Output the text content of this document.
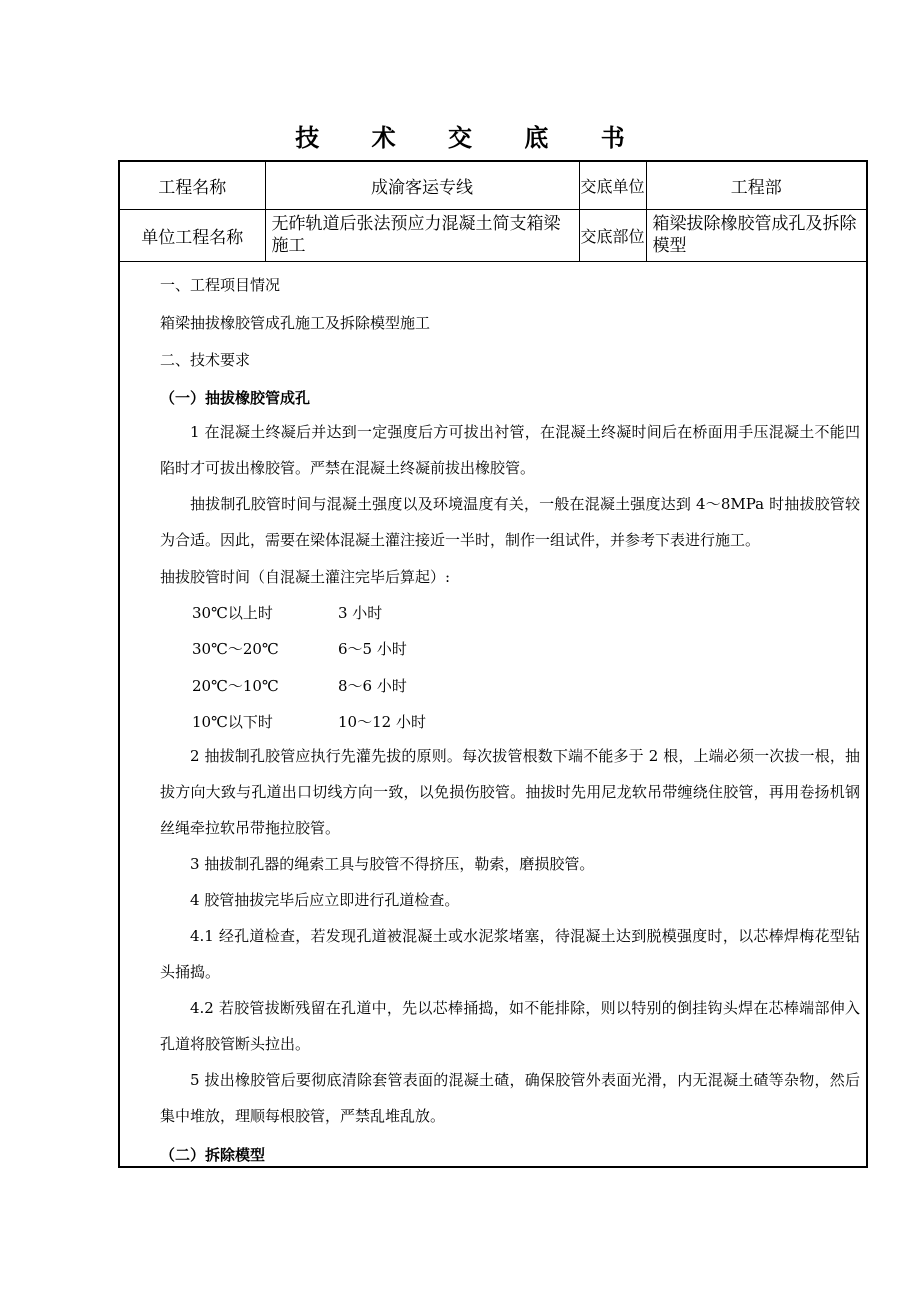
技 术 交 底 书
工程名称	成渝客运专线	交底单位	工程部
单位工程名称	无砟轨道后张法预应力混凝土简支箱梁施工	交底部位	箱梁拔除橡胶管成孔及拆除模型
一、工程项目情况
箱梁抽拔橡胶管成孔施工及拆除模型施工
二、技术要求
（一）抽拔橡胶管成孔
1 在混凝土终凝后并达到一定强度后方可拔出衬管，在混凝土终凝时间后在桥面用手压混凝土不能凹陷时才可拔出橡胶管。严禁在混凝土终凝前拔出橡胶管。
抽拔制孔胶管时间与混凝土强度以及环境温度有关，一般在混凝土强度达到 4～8MPa 时抽拔胶管较为合适。因此，需要在梁体混凝土灌注接近一半时，制作一组试件，并参考下表进行施工。
抽拔胶管时间（自混凝土灌注完毕后算起）:
30℃以上时	3 小时
30℃～20℃	6～5 小时
20℃～10℃	8～6 小时
10℃以下时	10～12 小时
2 抽拔制孔胶管应执行先灌先拔的原则。每次拔管根数下端不能多于 2 根，上端必须一次拔一根，抽拔方向大致与孔道出口切线方向一致，以免损伤胶管。抽拔时先用尼龙软吊带缠绕住胶管，再用卷扬机钢丝绳牵拉软吊带拖拉胶管。
3 抽拔制孔器的绳索工具与胶管不得挤压，勒索，磨损胶管。
4 胶管抽拔完毕后应立即进行孔道检查。
4.1 经孔道检查，若发现孔道被混凝土或水泥浆堵塞，待混凝土达到脱模强度时，以芯棒焊梅花型钻头捅捣。
4.2 若胶管拔断残留在孔道中，先以芯棒捅捣，如不能排除，则以特别的倒挂钩头焊在芯棒端部伸入孔道将胶管断头拉出。
5 拔出橡胶管后要彻底清除套管表面的混凝土碴，确保胶管外表面光滑，内无混凝土碴等杂物，然后集中堆放，理顺每根胶管，严禁乱堆乱放。
（二）拆除模型
